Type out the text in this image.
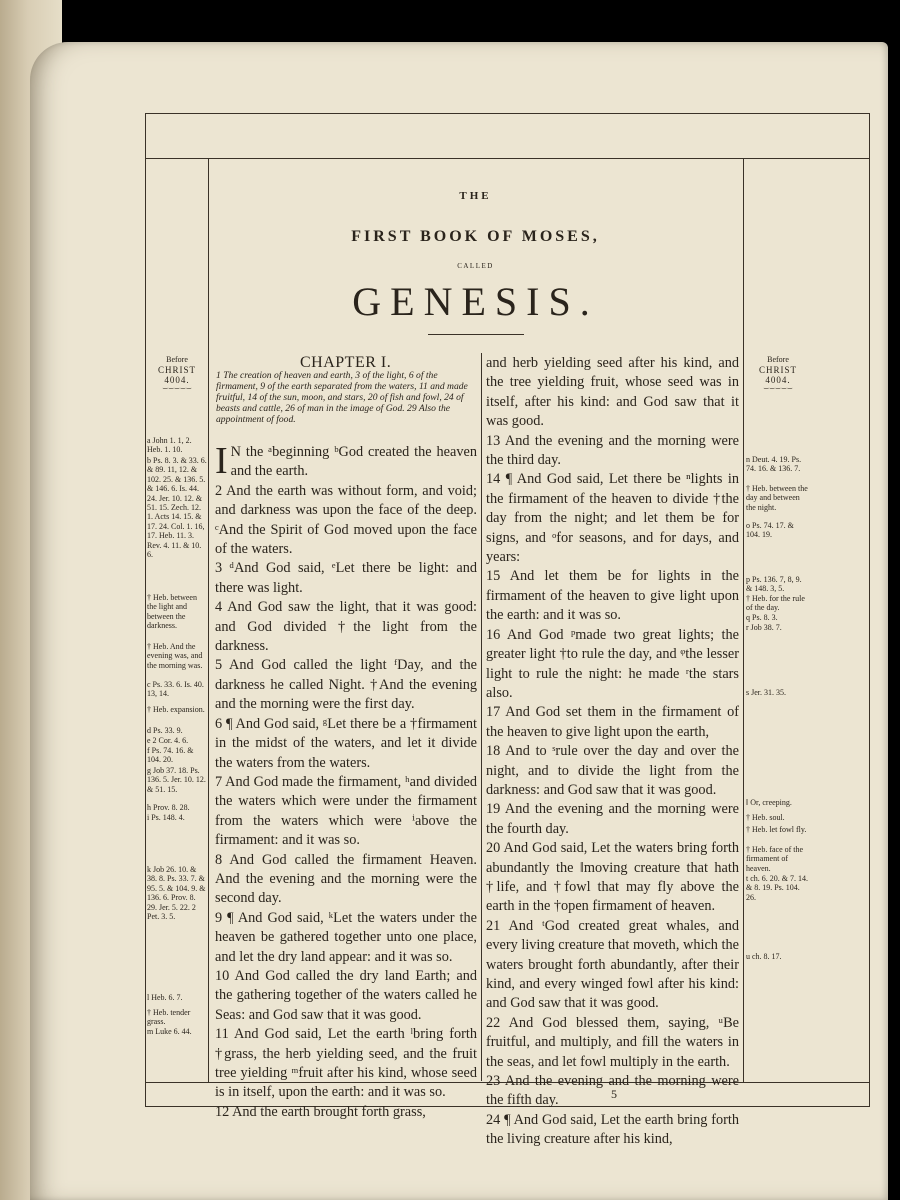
THE
FIRST BOOK OF MOSES,
CALLED
GENESIS.
Before
CHRIST
4004.
⌣⌣⌣⌣⌣
Before
CHRIST
4004.
⌣⌣⌣⌣⌣
CHAPTER I.
1 The creation of heaven and earth, 3 of the light, 6 of the firmament, 9 of the earth separated from the waters, 11 and made fruitful, 14 of the sun, moon, and stars, 20 of fish and fowl, 24 of beasts and cattle, 26 of man in the image of God. 29 Also the appointment of food.

I N the ᵃbeginning ᵇGod created the heaven and the earth.

2 And the earth was without form, and void; and darkness was upon the face of the deep. ᶜAnd the Spirit of God moved upon the face of the waters.

3 ᵈAnd God said, ᵉLet there be light: and there was light.

4 And God saw the light, that it was good: and God divided †the light from the darkness.

5 And God called the light ᶠDay, and the darkness he called Night. †And the evening and the morning were the first day.

6 ¶ And God said, ᵍLet there be a †firmament in the midst of the waters, and let it divide the waters from the waters.

7 And God made the firmament, ʰand divided the waters which were under the firmament from the waters which were ⁱabove the firmament: and it was so.

8 And God called the firmament Heaven. And the evening and the morning were the second day.

9 ¶ And God said, ᵏLet the waters under the heaven be gathered together unto one place, and let the dry land appear: and it was so.

10 And God called the dry land Earth; and the gathering together of the waters called he Seas: and God saw that it was good.

11 And God said, Let the earth ˡbring forth †grass, the herb yielding seed, and the fruit tree yielding ᵐfruit after his kind, whose seed is in itself, upon the earth: and it was so.

12 And the earth brought forth grass,

and herb yielding seed after his kind, and the tree yielding fruit, whose seed was in itself, after his kind: and God saw that it was good.

13 And the evening and the morning were the third day.

14 ¶ And God said, Let there be ⁿlights in the firmament of the heaven to divide †the day from the night; and let them be for signs, and ᵒfor seasons, and for days, and years:

15 And let them be for lights in the firmament of the heaven to give light upon the earth: and it was so.

16 And God ᵖmade two great lights; the greater light †to rule the day, and ᵠthe lesser light to rule the night: he made ʳthe stars also.

17 And God set them in the firmament of the heaven to give light upon the earth,

18 And to ˢrule over the day and over the night, and to divide the light from the darkness: and God saw that it was good.

19 And the evening and the morning were the fourth day.

20 And God said, Let the waters bring forth abundantly the ‖moving creature that hath †life, and †fowl that may fly above the earth in the †open firmament of heaven.

21 And ᵗGod created great whales, and every living creature that moveth, which the waters brought forth abundantly, after their kind, and every winged fowl after his kind: and God saw that it was good.

22 And God blessed them, saying, ᵘBe fruitful, and multiply, and fill the waters in the seas, and let fowl multiply in the earth.

23 And the evening and the morning were the fifth day.

24 ¶ And God said, Let the earth bring forth the living creature after his kind,

a John 1. 1, 2. Heb. 1. 10.
b Ps. 8. 3. & 33. 6. & 89. 11, 12. & 102. 25. & 136. 5. & 146. 6. Is. 44. 24. Jer. 10. 12. & 51. 15. Zech. 12. 1. Acts 14. 15. & 17. 24. Col. 1. 16, 17. Heb. 11. 3. Rev. 4. 11. & 10. 6.
† Heb. between the light and between the darkness.
† Heb. And the evening was, and the morning was.
c Ps. 33. 6. Is. 40. 13, 14.
† Heb. expansion.
d Ps. 33. 9.
e 2 Cor. 4. 6.
f Ps. 74. 16. & 104. 20.
g Job 37. 18. Ps. 136. 5. Jer. 10. 12. & 51. 15.
h Prov. 8. 28.
i Ps. 148. 4.
k Job 26. 10. & 38. 8. Ps. 33. 7. & 95. 5. & 104. 9. & 136. 6. Prov. 8. 29. Jer. 5. 22. 2 Pet. 3. 5.
l Heb. 6. 7.
† Heb. tender grass.
m Luke 6. 44.
n Deut. 4. 19. Ps. 74. 16. & 136. 7.
† Heb. between the day and between the night.
o Ps. 74. 17. & 104. 19.
p Ps. 136. 7, 8, 9. & 148. 3, 5.
† Heb. for the rule of the day.
q Ps. 8. 3.
r Job 38. 7.
s Jer. 31. 35.
‖ Or, creeping.
† Heb. soul.
† Heb. let fowl fly.
† Heb. face of the firmament of heaven.
t ch. 6. 20. & 7. 14. & 8. 19. Ps. 104. 26.
u ch. 8. 17.
5
